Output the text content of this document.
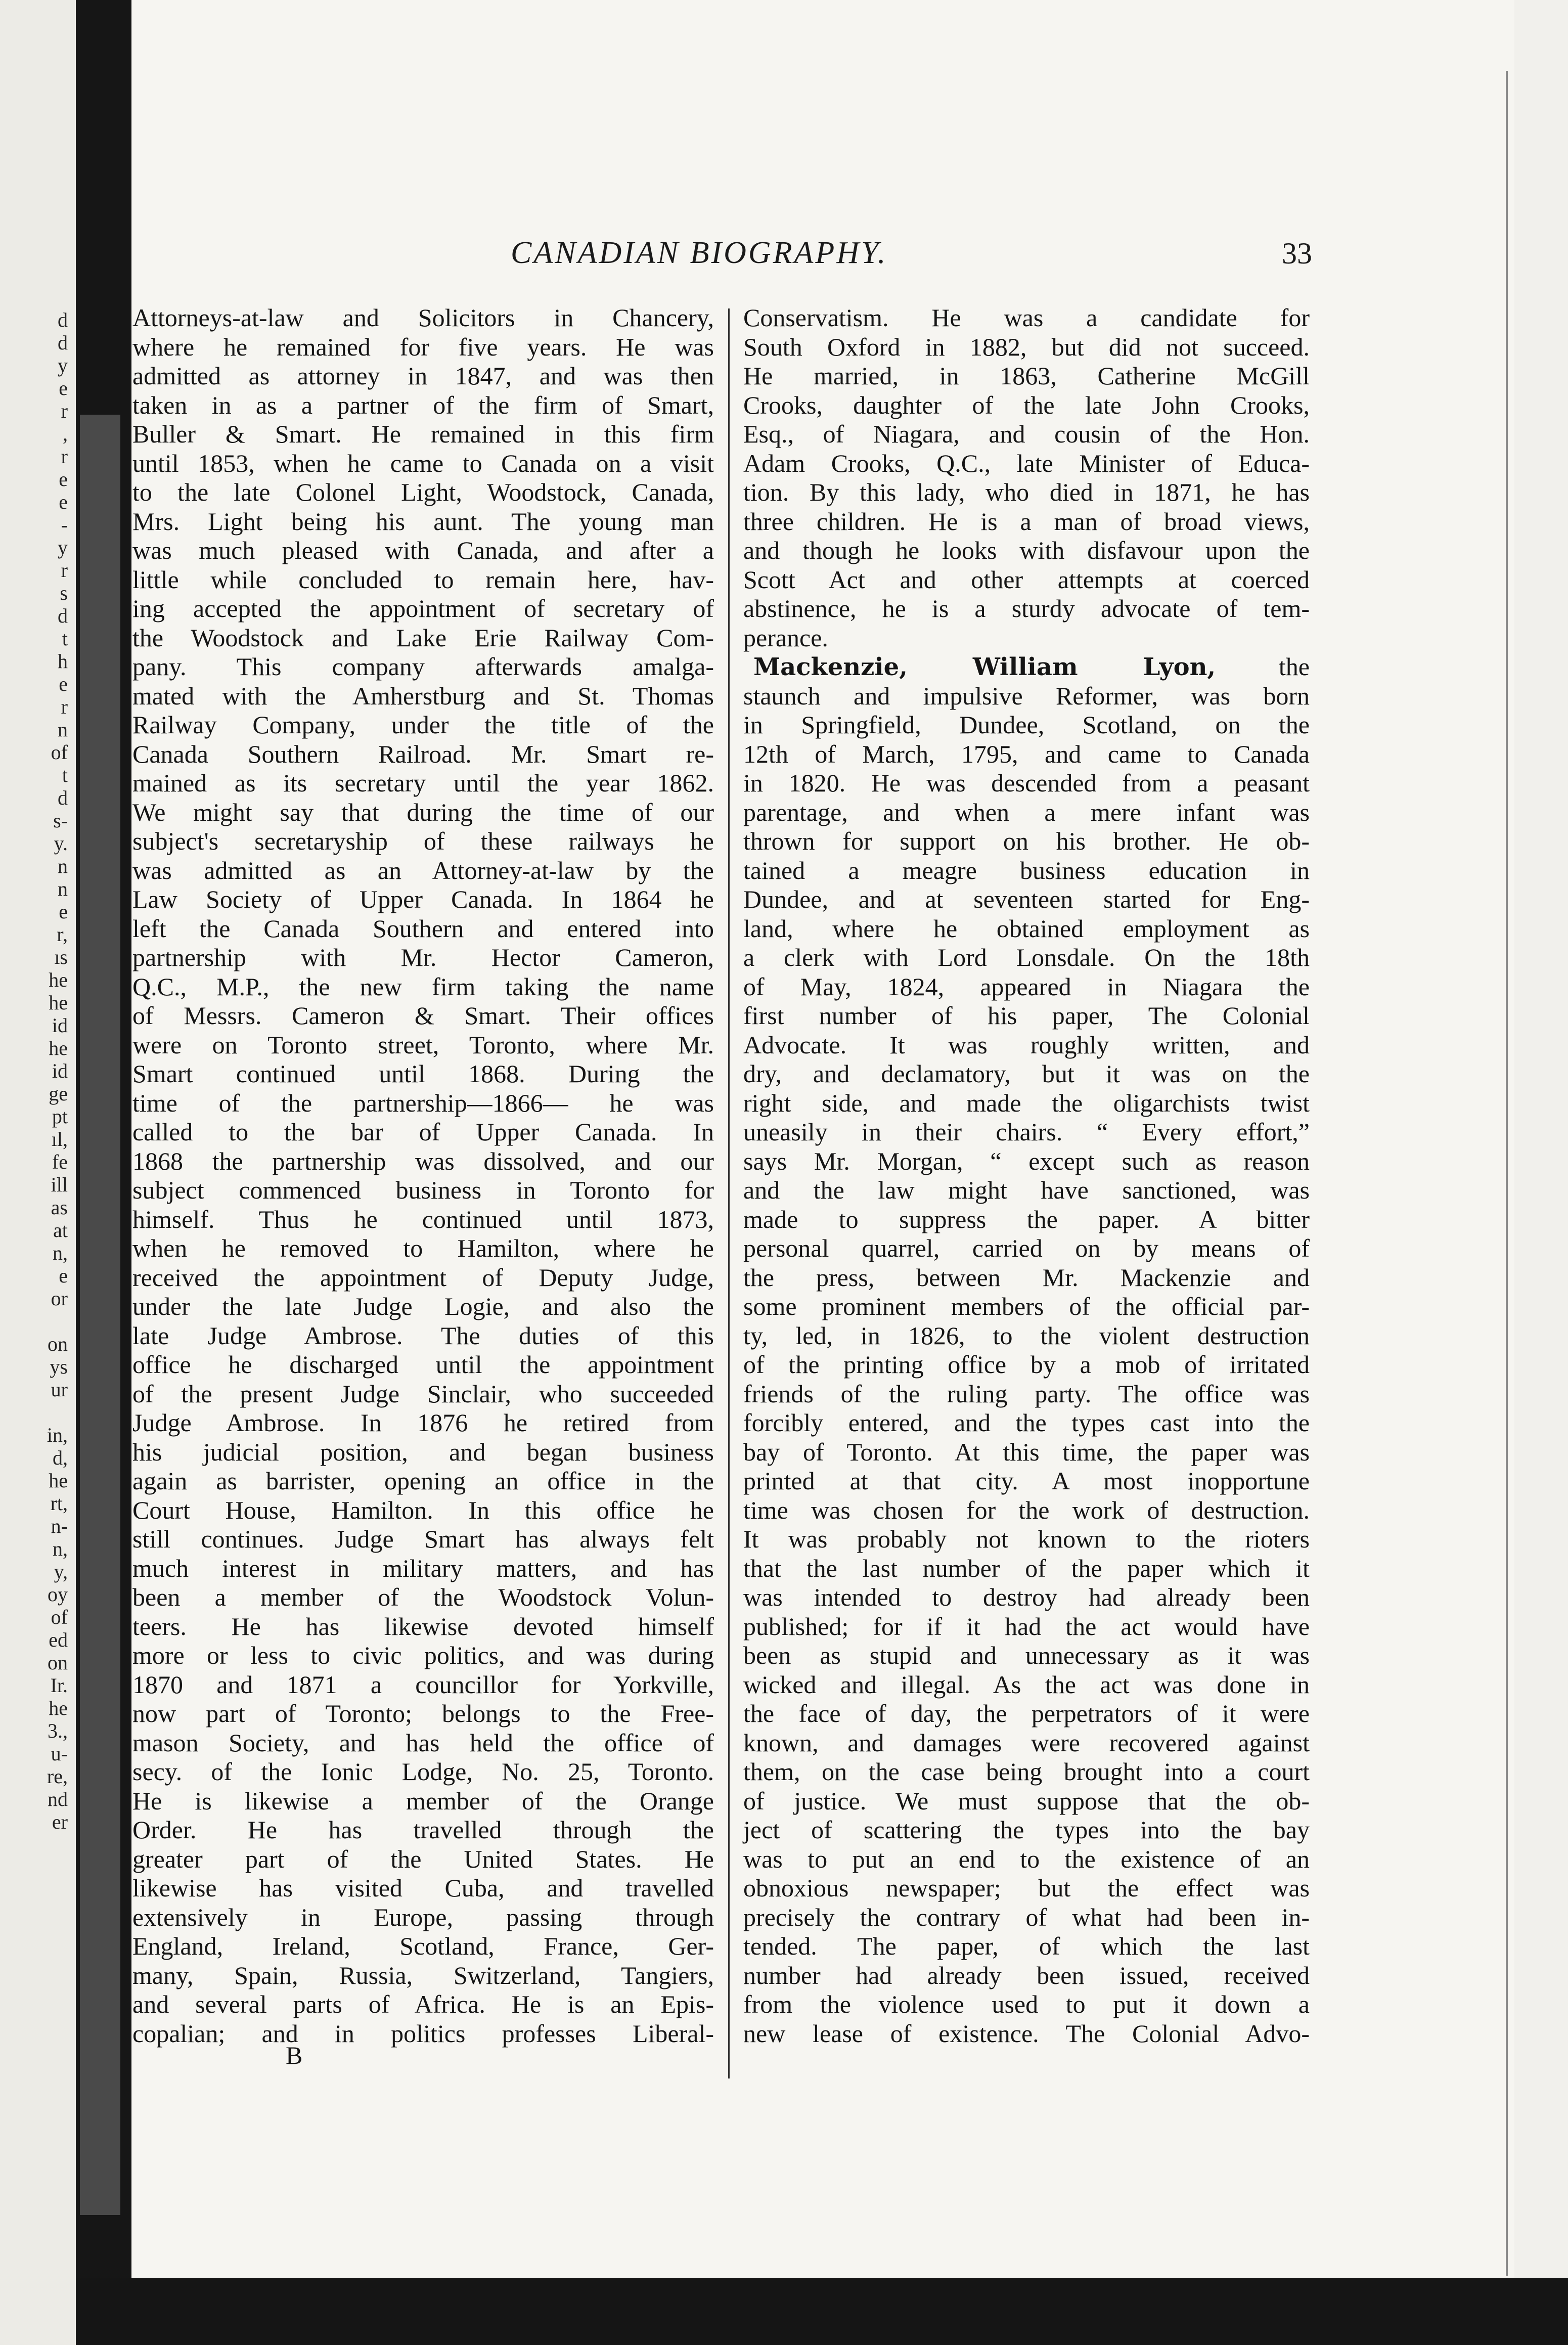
d
d
y
e
r
,
r
e
e
-
y
r
s
d
t
h
e
r
n
of
t
d
s-
y.
n
n
e
r,
ıs
he
he
id
he
id
ge
pt
ıl,
fe
ill
as
at
n,
e
or
on
ys
ur
in,
d,
he
rt,
n-
n,
y,
oy
of
ed
on
Ir.
he
3.,
u-
re,
nd
er
CANADIAN BIOGRAPHY.	33
Attorneys-at-law and Solicitors in Chancery,
where he remained for five years. He was
admitted as attorney in 1847, and was then
taken in as a partner of the firm of Smart,
Buller & Smart. He remained in this firm
until 1853, when he came to Canada on a visit
to the late Colonel Light, Woodstock, Canada,
Mrs. Light being his aunt. The young man
was much pleased with Canada, and after a
little while concluded to remain here, hav-
ing accepted the appointment of secretary of
the Woodstock and Lake Erie Railway Com-
pany. This company afterwards amalga-
mated with the Amherstburg and St. Thomas
Railway Company, under the title of the
Canada Southern Railroad. Mr. Smart re-
mained as its secretary until the year 1862.
We might say that during the time of our
subject's secretaryship of these railways he
was admitted as an Attorney-at-law by the
Law Society of Upper Canada. In 1864 he
left the Canada Southern and entered into
partnership with Mr. Hector Cameron,
Q.C., M.P., the new firm taking the name
of Messrs. Cameron & Smart. Their offices
were on Toronto street, Toronto, where Mr.
Smart continued until 1868. During the
time of the partnership—1866— he was
called to the bar of Upper Canada. In
1868 the partnership was dissolved, and our
subject commenced business in Toronto for
himself. Thus he continued until 1873,
when he removed to Hamilton, where he
received the appointment of Deputy Judge,
under the late Judge Logie, and also the
late Judge Ambrose. The duties of this
office he discharged until the appointment
of the present Judge Sinclair, who succeeded
Judge Ambrose. In 1876 he retired from
his judicial position, and began business
again as barrister, opening an office in the
Court House, Hamilton. In this office he
still continues. Judge Smart has always felt
much interest in military matters, and has
been a member of the Woodstock Volun-
teers. He has likewise devoted himself
more or less to civic politics, and was during
1870 and 1871 a councillor for Yorkville,
now part of Toronto; belongs to the Free-
mason Society, and has held the office of
secy. of the Ionic Lodge, No. 25, Toronto.
He is likewise a member of the Orange
Order. He has travelled through the
greater part of the United States. He
likewise has visited Cuba, and travelled
extensively in Europe, passing through
England, Ireland, Scotland, France, Ger-
many, Spain, Russia, Switzerland, Tangiers,
and several parts of Africa. He is an Epis-
copalian; and in politics professes Liberal-
Conservatism. He was a candidate for
South Oxford in 1882, but did not succeed.
He married, in 1863, Catherine McGill
Crooks, daughter of the late John Crooks,
Esq., of Niagara, and cousin of the Hon.
Adam Crooks, Q.C., late Minister of Educa-
tion. By this lady, who died in 1871, he has
three children. He is a man of broad views,
and though he looks with disfavour upon the
Scott Act and other attempts at coerced
abstinence, he is a sturdy advocate of tem-
perance.
Mackenzie, William Lyon, the
staunch and impulsive Reformer, was born
in Springfield, Dundee, Scotland, on the
12th of March, 1795, and came to Canada
in 1820. He was descended from a peasant
parentage, and when a mere infant was
thrown for support on his brother. He ob-
tained a meagre business education in
Dundee, and at seventeen started for Eng-
land, where he obtained employment as
a clerk with Lord Lonsdale. On the 18th
of May, 1824, appeared in Niagara the
first number of his paper, The Colonial
Advocate. It was roughly written, and
dry, and declamatory, but it was on the
right side, and made the oligarchists twist
uneasily in their chairs. “ Every effort,”
says Mr. Morgan, “ except such as reason
and the law might have sanctioned, was
made to suppress the paper. A bitter
personal quarrel, carried on by means of
the press, between Mr. Mackenzie and
some prominent members of the official par-
ty, led, in 1826, to the violent destruction
of the printing office by a mob of irritated
friends of the ruling party. The office was
forcibly entered, and the types cast into the
bay of Toronto. At this time, the paper was
printed at that city. A most inopportune
time was chosen for the work of destruction.
It was probably not known to the rioters
that the last number of the paper which it
was intended to destroy had already been
published; for if it had the act would have
been as stupid and unnecessary as it was
wicked and illegal. As the act was done in
the face of day, the perpetrators of it were
known, and damages were recovered against
them, on the case being brought into a court
of justice. We must suppose that the ob-
ject of scattering the types into the bay
was to put an end to the existence of an
obnoxious newspaper; but the effect was
precisely the contrary of what had been in-
tended. The paper, of which the last
number had already been issued, received
from the violence used to put it down a
new lease of existence. The Colonial Advo-
B
